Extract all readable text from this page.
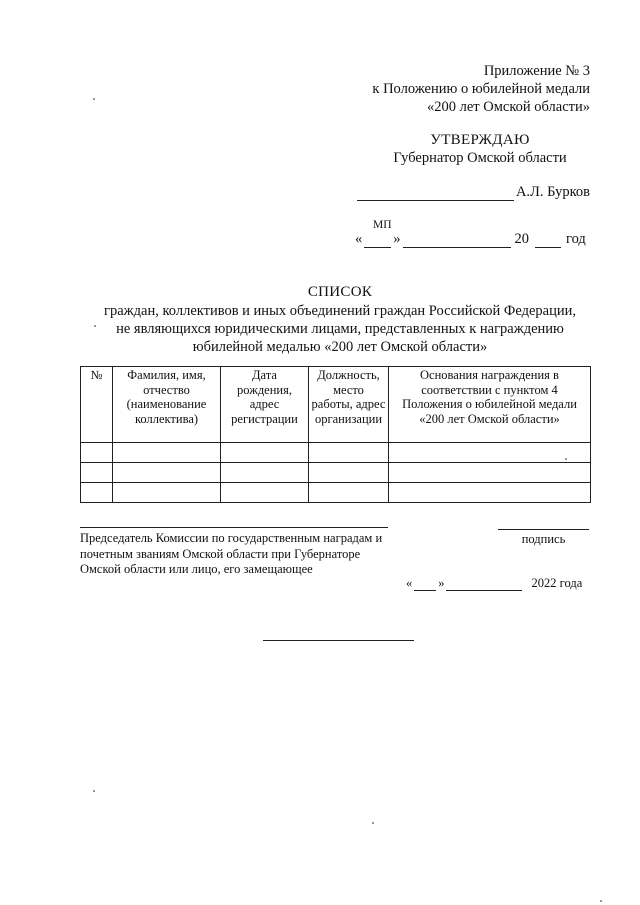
Приложение № 3
к Положению о юбилейной медали
«200 лет Омской области»
УТВЕРЖДАЮ
Губернатор Омской области
А.Л. Бурков
МП
« »	20	год
СПИСОК
граждан, коллективов и иных объединений граждан Российской Федерации,
не являющихся юридическими лицами, представленных к награждению
юбилейной медалью «200 лет Омской области»
№	Фамилия, имя, отчество (наименование коллектива)	Дата рождения, адрес регистрации	Должность, место работы, адрес организации	Основания награждения в соответствии с пунктом 4 Положения о юбилейной медали «200 лет Омской области»

Председатель Комиссии по государственным наградам и почетным званиям Омской области при Губернаторе Омской области или лицо, его замещающее
подпись
« »	2022 года
